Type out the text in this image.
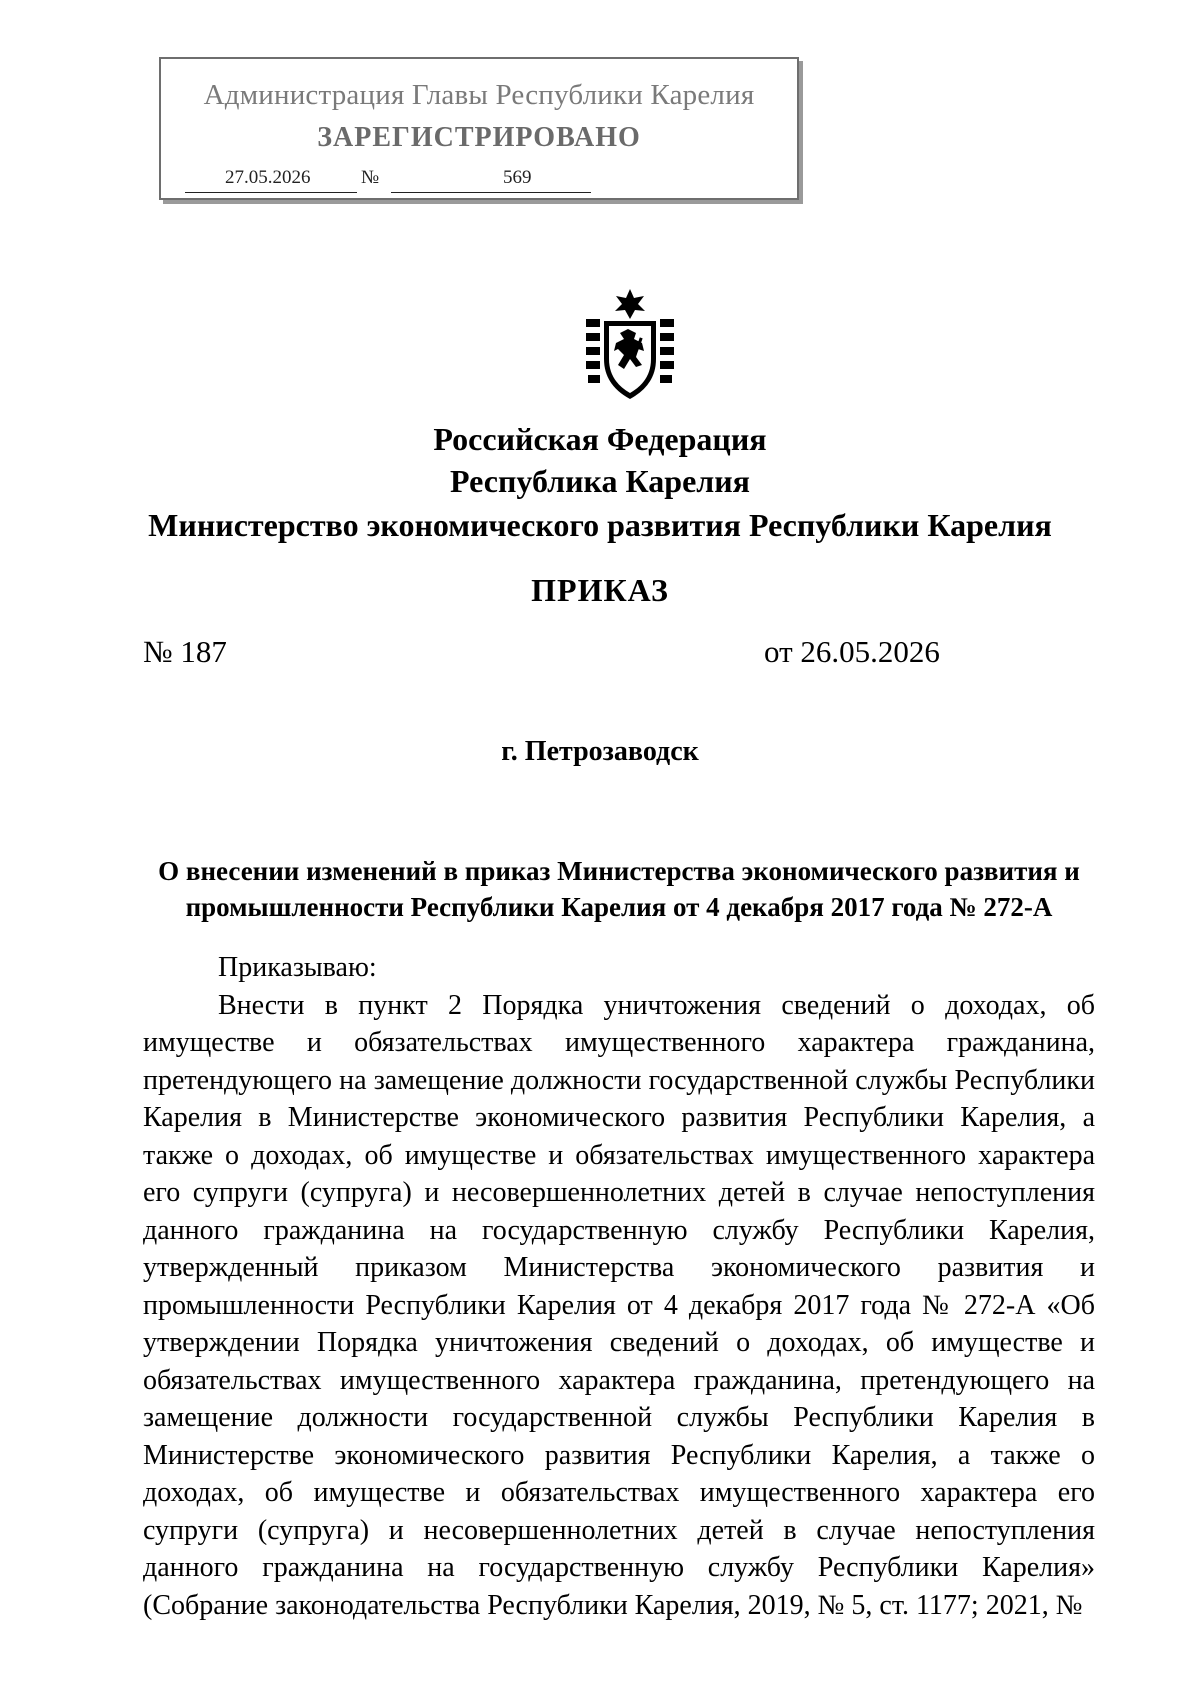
Администрация Главы Республики Карелия
ЗАРЕГИСТРИРОВАНО
27.05.2026	№	569
Российская Федерация
Республика Карелия
Министерство экономического развития Республики Карелия
ПРИКАЗ
№ 187	от 26.05.2026
г. Петрозаводск
О внесении изменений в приказ Министерства экономического развития и промышленности Республики Карелия от 4 декабря 2017 года № 272-А

Приказываю:

Внести в пункт 2 Порядка уничтожения сведений о доходах, об имуществе и обязательствах имущественного характера гражданина, претендующего на замещение должности государственной службы Республики Карелия в Министерстве экономического развития Республики Карелия, а также о доходах, об имуществе и обязательствах имущественного характера его супруги (супруга) и несовершеннолетних детей в случае непоступления данного гражданина на государственную службу Республики Карелия, утвержденный приказом Министерства экономического развития и промышленности Республики Карелия от 4 декабря 2017 года № 272-А «Об утверждении Порядка уничтожения сведений о доходах, об имуществе и обязательствах имущественного характера гражданина, претендующего на замещение должности государственной службы Республики Карелия в Министерстве экономического развития Республики Карелия, а также о доходах, об имуществе и обязательствах имущественного характера его супруги (супруга) и несовершеннолетних детей в случае непоступления данного гражданина на государственную службу Республики Карелия» (Собрание законодательства Республики Карелия, 2019, № 5, ст. 1177; 2021, №
